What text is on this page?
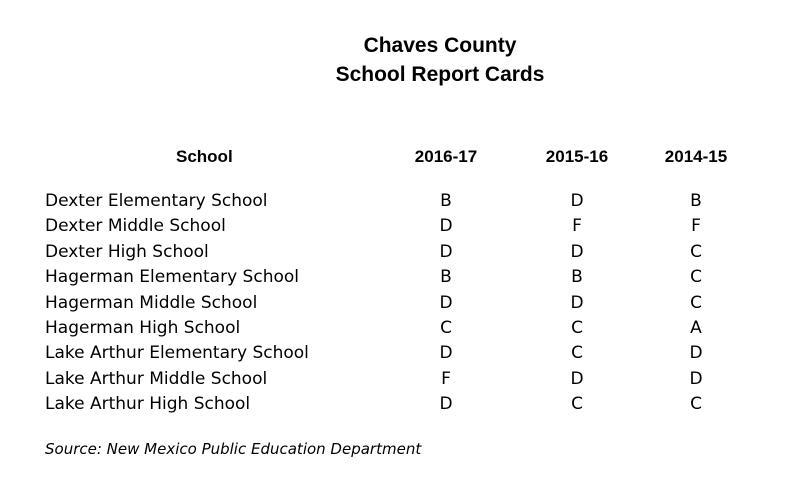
Chaves County
School Report Cards
School	2016-17	2015-16	2014-15
Dexter Elementary School	B	D	B
Dexter Middle School	D	F	F
Dexter High School	D	D	C
Hagerman Elementary School	B	B	C
Hagerman Middle School	D	D	C
Hagerman High School	C	C	A
Lake Arthur Elementary School	D	C	D
Lake Arthur Middle School	F	D	D
Lake Arthur High School	D	C	C
Source: New Mexico Public Education Department
